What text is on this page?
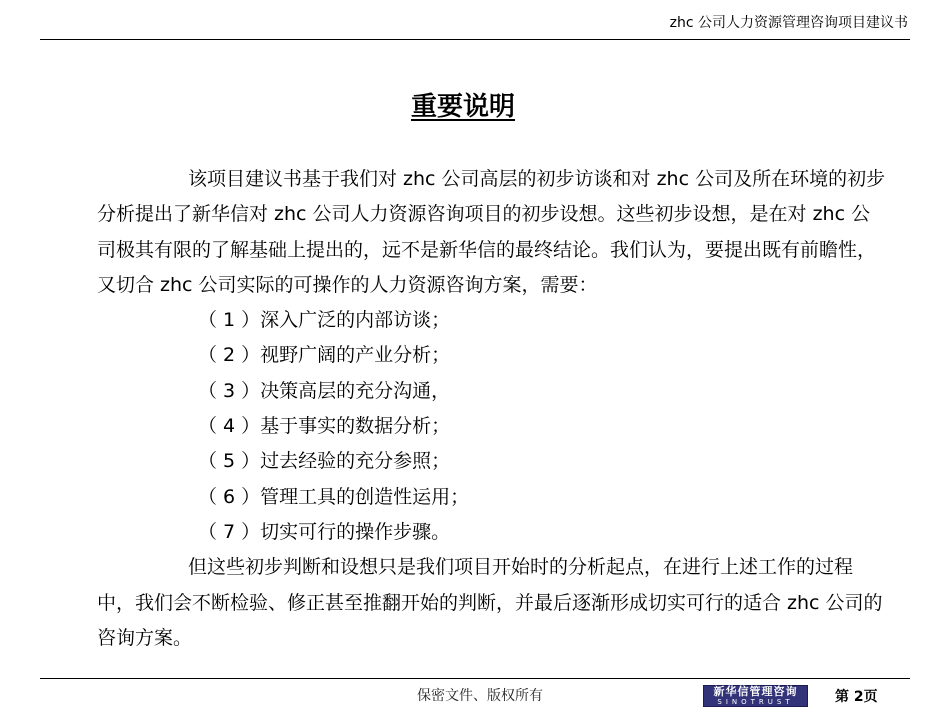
zhc 公司人力资源管理咨询项目建议书
重要说明

该项目建议书基于我们对 zhc 公司高层的初步访谈和对 zhc 公司及所在环境的初步分析提出了新华信对 zhc 公司人力资源咨询项目的初步设想。这些初步设想，是在对 zhc 公司极其有限的了解基础上提出的，远不是新华信的最终结论。我们认为，要提出既有前瞻性，又切合 zhc 公司实际的可操作的人力资源咨询方案，需要：

（ 1 ）深入广泛的内部访谈；
（ 2 ）视野广阔的产业分析；
（ 3 ）决策高层的充分沟通，
（ 4 ）基于事实的数据分析；
（ 5 ）过去经验的充分参照；
（ 6 ）管理工具的创造性运用；
（ 7 ）切实可行的操作步骤。

但这些初步判断和设想只是我们项目开始时的分析起点，在进行上述工作的过程中，我们会不断检验、修正甚至推翻开始的判断，并最后逐渐形成切实可行的适合 zhc 公司的咨询方案。

保密文件、版权所有	新华信管理咨询
SINOTRUST	第 2页
